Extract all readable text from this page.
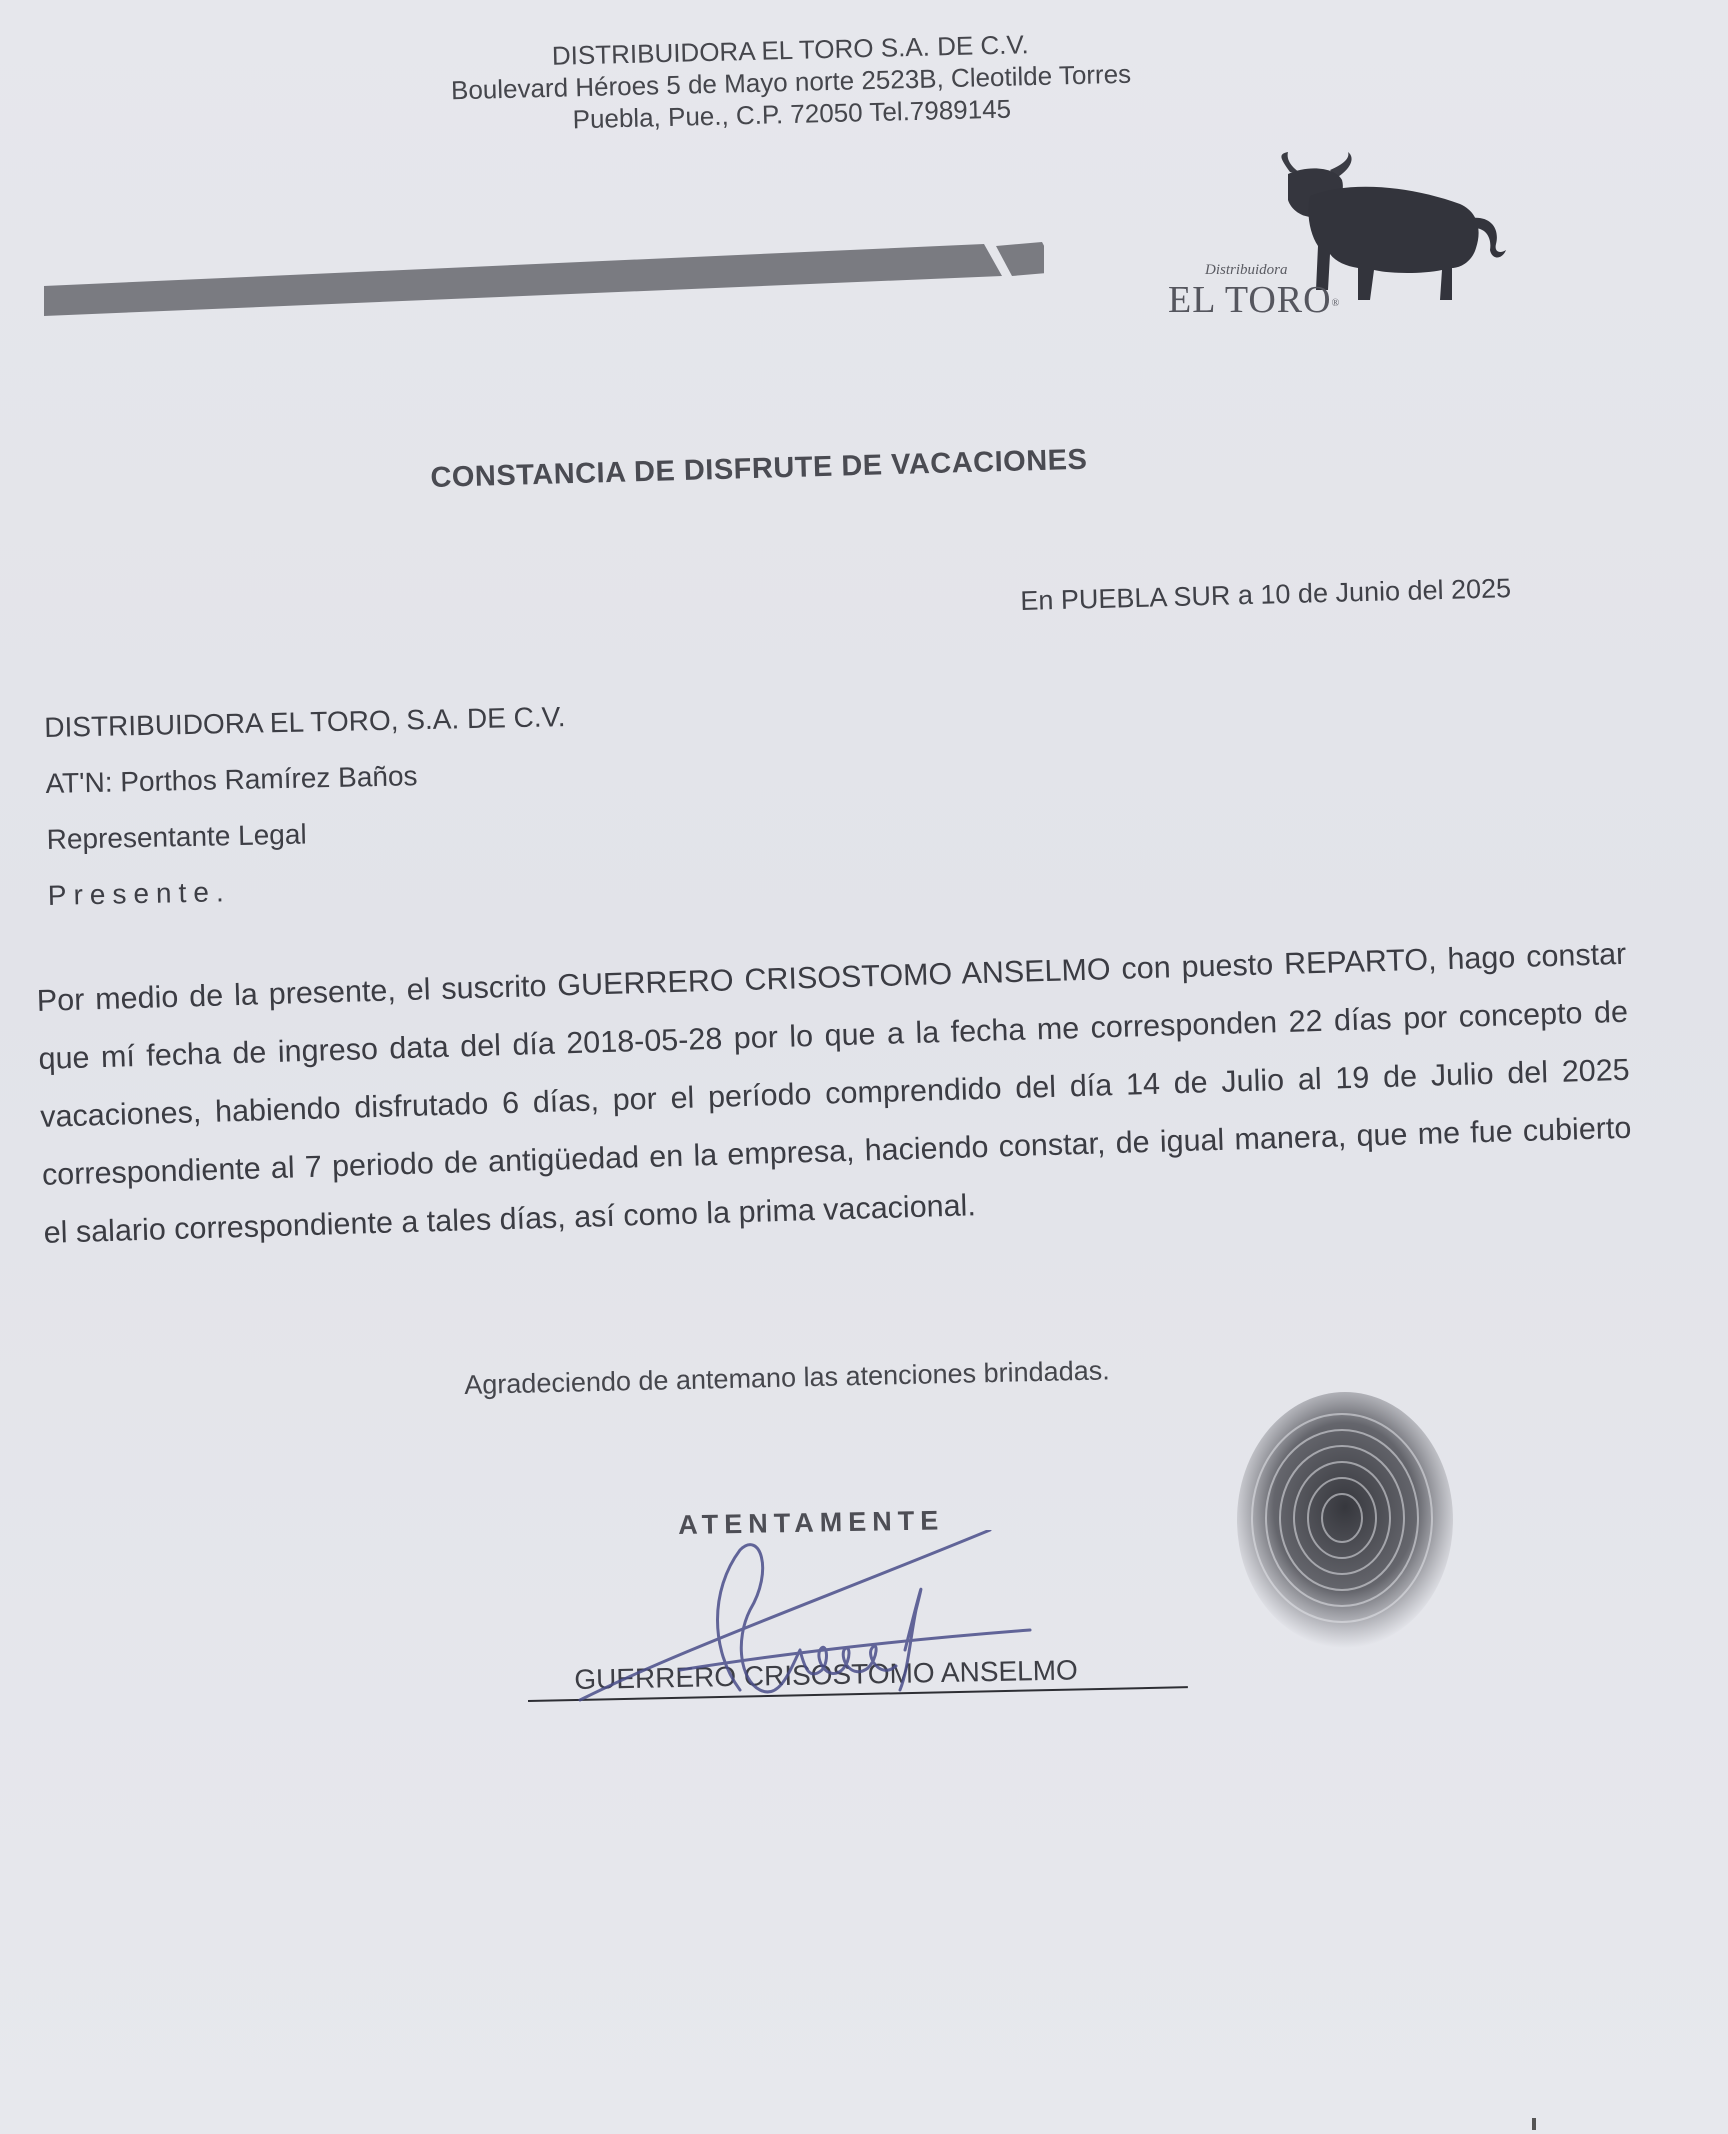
DISTRIBUIDORA EL TORO S.A. DE C.V.
Boulevard Héroes 5 de Mayo norte 2523B, Cleotilde Torres
Puebla, Pue., C.P. 72050 Tel.7989145
Distribuidora
EL TORO®
CONSTANCIA DE DISFRUTE DE VACACIONES
En PUEBLA SUR a 10 de Junio del 2025
DISTRIBUIDORA EL TORO, S.A. DE C.V.
AT'N: Porthos Ramírez Baños
Representante Legal
Presente.
Por medio de la presente, el suscrito GUERRERO CRISOSTOMO ANSELMO con puesto REPARTO, hago constar que mí fecha de ingreso data del día 2018-05-28 por lo que a la fecha me corresponden 22 días por concepto de vacaciones, habiendo disfrutado 6 días, por el período comprendido del día 14 de Julio al 19 de Julio del 2025 correspondiente al 7 periodo de antigüedad en la empresa, haciendo constar, de igual manera, que me fue cubierto el salario correspondiente a tales días, así como la prima vacacional.
Agradeciendo de antemano las atenciones brindadas.
ATENTAMENTE
GUERRERO CRISOSTOMO ANSELMO
